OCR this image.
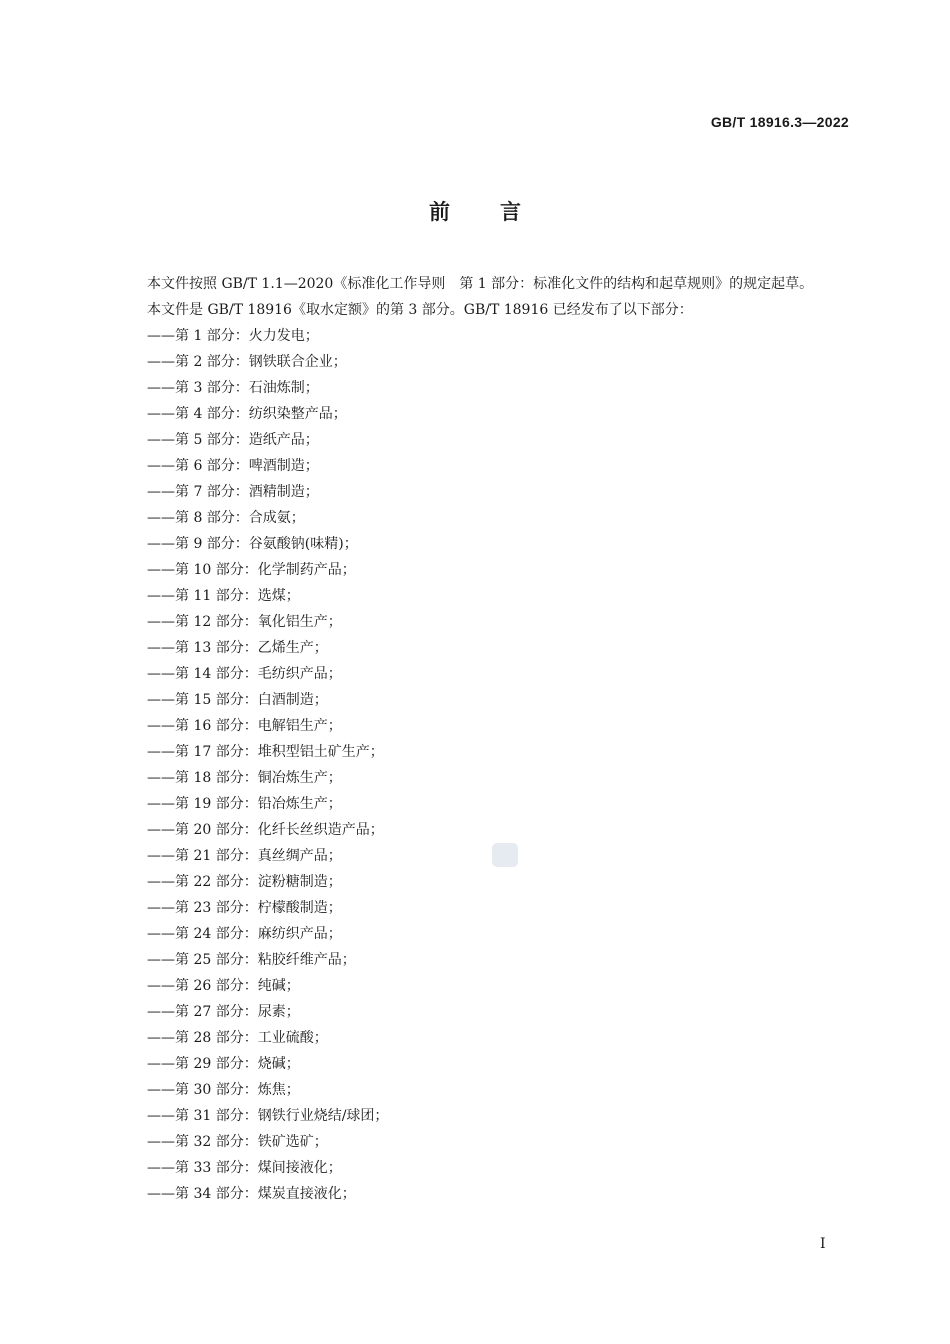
GB/T 18916.3—2022
前言

本文件按照 GB/T 1.1—2020《标准化工作导则　第 1 部分：标准化文件的结构和起草规则》的规定起草。

本文件是 GB/T 18916《取水定额》的第 3 部分。GB/T 18916 已经发布了以下部分：

——第 1 部分：火力发电；
——第 2 部分：钢铁联合企业；
——第 3 部分：石油炼制；
——第 4 部分：纺织染整产品；
——第 5 部分：造纸产品；
——第 6 部分：啤酒制造；
——第 7 部分：酒精制造；
——第 8 部分：合成氨；
——第 9 部分：谷氨酸钠(味精)；
——第 10 部分：化学制药产品；
——第 11 部分：选煤；
——第 12 部分：氧化铝生产；
——第 13 部分：乙烯生产；
——第 14 部分：毛纺织产品；
——第 15 部分：白酒制造；
——第 16 部分：电解铝生产；
——第 17 部分：堆积型铝土矿生产；
——第 18 部分：铜冶炼生产；
——第 19 部分：铅冶炼生产；
——第 20 部分：化纤长丝织造产品；
——第 21 部分：真丝绸产品；
——第 22 部分：淀粉糖制造；
——第 23 部分：柠檬酸制造；
——第 24 部分：麻纺织产品；
——第 25 部分：粘胶纤维产品；
——第 26 部分：纯碱；
——第 27 部分：尿素；
——第 28 部分：工业硫酸；
——第 29 部分：烧碱；
——第 30 部分：炼焦；
——第 31 部分：钢铁行业烧结/球团；
——第 32 部分：铁矿选矿；
——第 33 部分：煤间接液化；
——第 34 部分：煤炭直接液化；
I
